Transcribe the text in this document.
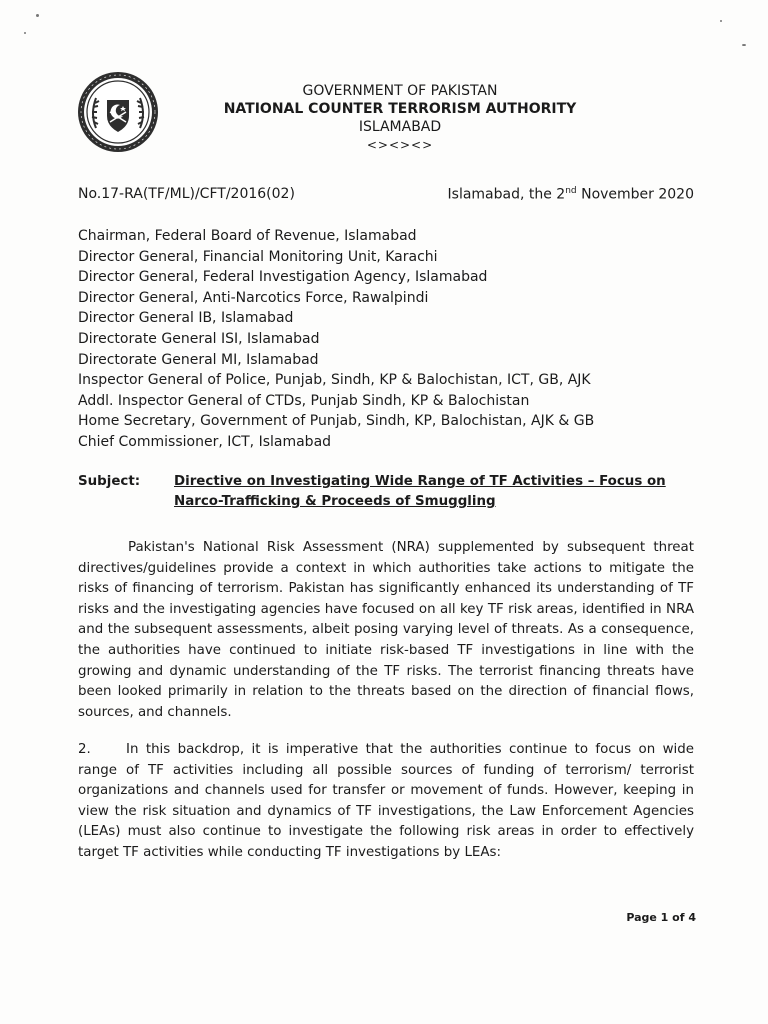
GOVERNMENT OF PAKISTAN
NATIONAL COUNTER TERRORISM AUTHORITY
ISLAMABAD
<><><>
No.17-RA(TF/ML)/CFT/2016(02)	Islamabad, the 2nd November 2020
Chairman, Federal Board of Revenue, Islamabad
Director General, Financial Monitoring Unit, Karachi
Director General, Federal Investigation Agency, Islamabad
Director General, Anti-Narcotics Force, Rawalpindi
Director General IB, Islamabad
Directorate General ISI, Islamabad
Directorate General MI, Islamabad
Inspector General of Police, Punjab, Sindh, KP & Balochistan, ICT, GB, AJK
Addl. Inspector General of CTDs, Punjab Sindh, KP & Balochistan
Home Secretary, Government of Punjab, Sindh, KP, Balochistan, AJK & GB
Chief Commissioner, ICT, Islamabad
Subject:	Directive on Investigating Wide Range of TF Activities – Focus on Narco-Trafficking & Proceeds of Smuggling

Pakistan's National Risk Assessment (NRA) supplemented by subsequent threat directives/guidelines provide a context in which authorities take actions to mitigate the risks of financing of terrorism. Pakistan has significantly enhanced its understanding of TF risks and the investigating agencies have focused on all key TF risk areas, identified in NRA and the subsequent assessments, albeit posing varying level of threats. As a consequence, the authorities have continued to initiate risk-based TF investigations in line with the growing and dynamic understanding of the TF risks. The terrorist financing threats have been looked primarily in relation to the threats based on the direction of financial flows, sources, and channels.

2.	In this backdrop, it is imperative that the authorities continue to focus on wide range of TF activities including all possible sources of funding of terrorism/ terrorist organizations and channels used for transfer or movement of funds. However, keeping in view the risk situation and dynamics of TF investigations, the Law Enforcement Agencies (LEAs) must also continue to investigate the following risk areas in order to effectively target TF activities while conducting TF investigations by LEAs:

Page 1 of 4
